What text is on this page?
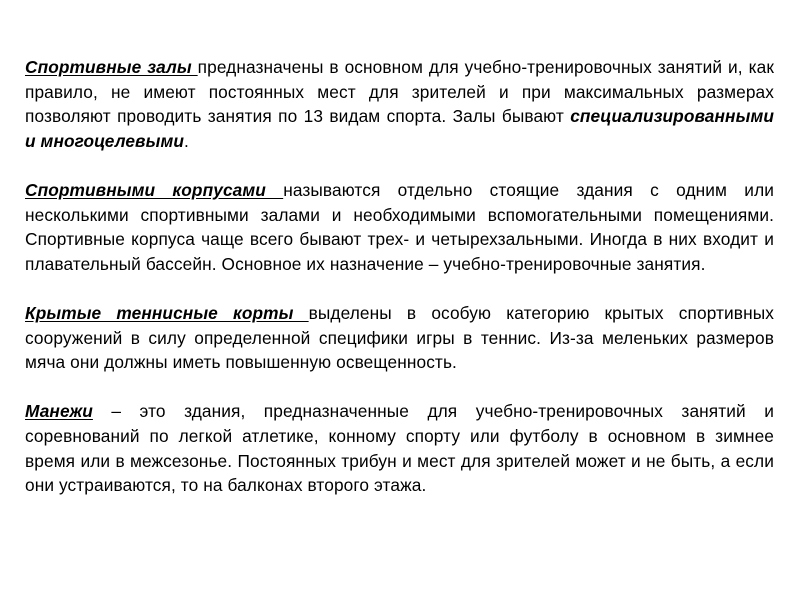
Спортивные залы предназначены в основном для учебно-тренировочных занятий и, как правило, не имеют постоянных мест для зрителей и при максимальных размерах позволяют проводить занятия по 13 видам спорта. Залы бывают специализированными и многоцелевыми.

Спортивными корпусами называются отдельно стоящие здания с одним или несколькими спортивными залами и необходимыми вспомогательными помещениями. Спортивные корпуса чаще всего бывают трех- и четырехзальными. Иногда в них входит и плавательный бассейн. Основное их назначение – учебно-тренировочные занятия.

Крытые теннисные корты выделены в особую категорию крытых спортивных сооружений в силу определенной специфики игры в теннис. Из-за меленьких размеров мяча они должны иметь повышенную освещенность.

Манежи – это здания, предназначенные для учебно-тренировочных занятий и соревнований по легкой атлетике, конному спорту или футболу в основном в зимнее время или в межсезонье. Постоянных трибун и мест для зрителей может и не быть, а если они устраиваются, то на балконах второго этажа.
